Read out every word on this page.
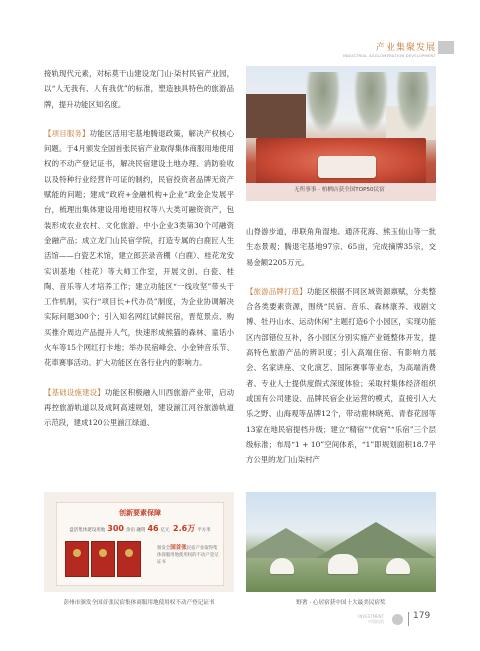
产业集聚发展
INDUSTRIAL AGGLOMERATION DEVELOPMENT

接轨现代元素，对标莫干山建设龙门山·柒村民宿产业园，以“人无我有、人有我优”的标准，塑造独具特色的旅游品牌，提升功能区知名度。

【项目服务】功能区活用宅基地腾退政策，解决产权核心问题。于4月颁发全国首张民宿产业取得集体商服用地使用权的不动产登记证书，解决民宿建设土地办理、消防验收以及特种行业经营许可证的制约，民宿投资者品牌无资产赋能的问题；建成“政府+金融机构+企业”政金企发展平台，梳理出集体建设用地使用权等八大类可融资资产，包装形成农业农村、文化旅游、中小企业3类第30个可融资金融产品；成立龙门山民宿学院，打造专属的白鹿匠人生活馆——白瓷艺术馆，建立郎芸录音棚（白鹿）、桂花龙安实训基地（桂花）等大师工作室，开展文创、白瓷、桂陶、音乐等人才培养工作；建立功能区“一线攻坚”带头干工作机制，实行“项目长+代办员”制度，为企业协调解决实际问题300个；引入知名网红试鲜民宿，晋览景点、购买推介周边产品提升人气，快速形成熊猫的森林、童话小火车等15个网红打卡地；举办民宿峰会、小金钟音乐节、花車赛事活动、扩大功能区在各行业内的影响力。

【基础设施建设】功能区积极融入川西旅游产业带，启动再控旅游轨道以及成阿高速规划，建设湔江河谷旅游轨道示范段，建成120公里湔江绿道、

无所事事 · 柏栖店获全国TOP50民宿

山脊游步道，串联角角湿地、通济花海、熊玉仙山等一批生态景观；腾退宅基地97宗、65亩，完成摘牌35宗，交易金额2205万元。

【旅游品牌打造】功能区根据不同区域资源禀赋，分类整合各类要素资源，围绕“民宿、音乐、森林康养、戏剧文博、牡丹山水、运动休闲”主题打造6个小园区，实现功能区内部错位互补，各小园区分别实施产业链整体开发，提高特色旅游产品的辨识度；引入高端住宿、有影响力展会、名家讲座、文化演艺、国际赛事等业态，为高端消费者、专业人士提供度假式深度体验；采取村集体经济组织或国有公司建设、品牌民宿企业运营的模式，直接引入大乐之野、山海观等品牌12个，带动鹿林晓苑、青春花园等13家在地民宿提档升级；建立“精宿”“优宿”“乐宿”三个层级标准；布局“1 + 10”空间体系，“1”即规划面积18.7平方公里的龙门山柒村产

创新要素保障
盘活集体建设用地 300 余亩 融资 46 亿元 2.6万 平方米
颁发全国首张民宿产业取得集体商服用地使用权的不动产登记证书
彭州市颁发全国首张民宿集体商服用地使用权不动产登记证书	野奢 · 心居宿获中国十大最美民宿奖
INVESTMENT
中国投资
179
